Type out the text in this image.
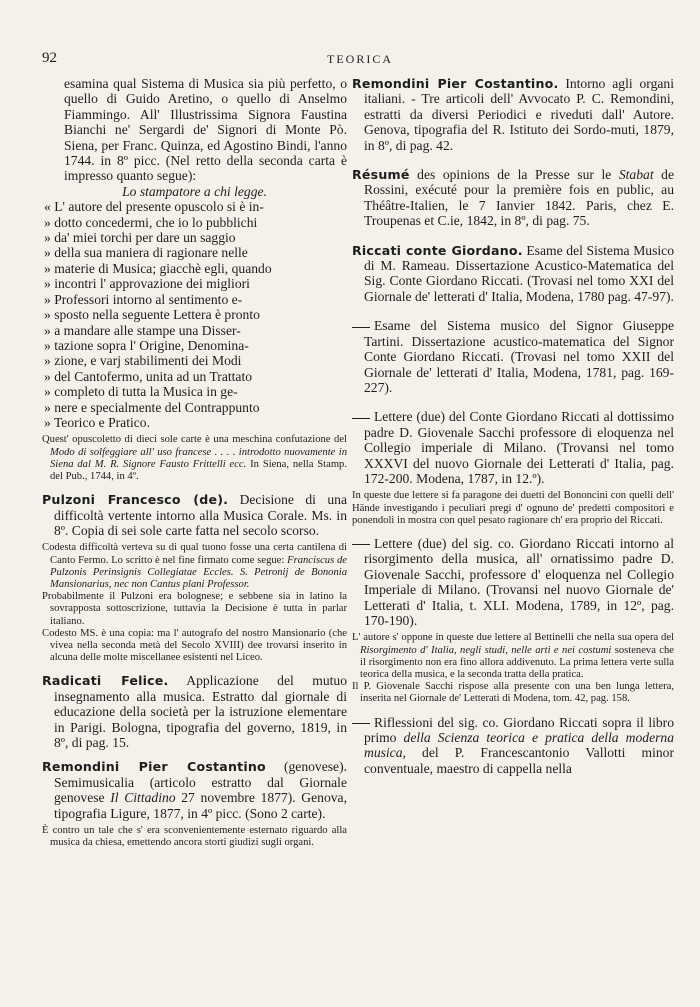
92	TEORICA

esamina qual Sistema di Musica sia più perfetto, o quello di Guido Aretino, o quello di Anselmo Fiammingo. All' Illustrissima Signora Faustina Bianchi ne' Sergardi de' Signori di Monte Pò. Siena, per Franc. Quinza, ed Agostino Bindi, l'anno 1744. in 8º picc. (Nel retto della seconda carta è impresso quanto segue):

Lo stampatore a chi legge.

« L' autore del presente opuscolo si è in-
» dotto concedermi, che io lo pubblichi
» da' miei torchi per dare un saggio
» della sua maniera di ragionare nelle
» materie di Musica; giacchè egli, quando
» incontri l' approvazione dei migliori
» Professori intorno al sentimento e-
» sposto nella seguente Lettera è pronto
» a mandare alle stampe una Disser-
» tazione sopra l' Origine, Denomina-
» zione, e varj stabilimenti dei Modi
» del Cantofermo, unita ad un Trattato
» completo di tutta la Musica in ge-
» nere e specialmente del Contrappunto
» Teorico e Pratico.

Quest' opuscoletto di dieci sole carte è una meschina confutazione del Modo di solfeggiare all' uso francese . . . . introdotto nuovamente in Siena dal M. R. Signore Fausto Frittelli ecc. In Siena, nella Stamp. del Pub., 1744, in 4º.

Pulzoni Francesco (de). Decisione di una difficoltà vertente intorno alla Musica Corale. Ms. in 8º. Copia di sei sole carte fatta nel secolo scorso.

Codesta difficoltà verteva su di qual tuono fosse una certa cantilena di Canto Fermo. Lo scritto è nel fine firmato come segue: Franciscus de Pulzonis Perinsignis Collegiatae Eccles. S. Petronij de Bononia Mansionarius, nec non Cantus plani Professor.

Probabilmente il Pulzoni era bolognese; e sebbene sia in latino la sovrapposta sottoscrizione, tuttavia la Decisione è tutta in parlar italiano.

Codesto MS. è una copia: ma l' autografo del nostro Mansionario (che vivea nella seconda metà del Secolo XVIII) dee trovarsi inserito in alcuna delle molte miscellanee esistenti nel Liceo.

Radicati Felice. Applicazione del mutuo insegnamento alla musica. Estratto dal giornale di educazione della società per la istruzione elementare in Parigi. Bologna, tipografia del governo, 1819, in 8º, di pag. 15.

Remondini Pier Costantino (genovese). Semimusicalia (articolo estratto dal Giornale genovese Il Cittadino 27 novembre 1877). Genova, tipografia Ligure, 1877, in 4º picc. (Sono 2 carte).

È contro un tale che s' era sconvenientemente esternato riguardo alla musica da chiesa, emettendo ancora storti giudizi sugli organi.

Remondini Pier Costantino. Intorno agli organi italiani. - Tre articoli dell' Avvocato P. C. Remondini, estratti da diversi Periodici e riveduti dall' Autore. Genova, tipografia del R. Istituto dei Sordo-muti, 1879, in 8º, di pag. 42.

Résumé des opinions de la Presse sur le Stabat de Rossini, exécuté pour la première fois en public, au Théâtre-Italien, le 7 Ianvier 1842. Paris, chez E. Troupenas et C.ie, 1842, in 8º, di pag. 75.

Riccati conte Giordano. Esame del Sistema Musico di M. Rameau. Dissertazione Acustico-Matematica del Sig. Conte Giordano Riccati. (Trovasi nel tomo XXI del Giornale de' letterati d' Italia, Modena, 1780 pag. 47-97).

Esame del Sistema musico del Signor Giuseppe Tartini. Dissertazione acustico-matematica del Signor Conte Giordano Riccati. (Trovasi nel tomo XXII del Giornale de' letterati d' Italia, Modena, 1781, pag. 169-227).

Lettere (due) del Conte Giordano Riccati al dottissimo padre D. Giovenale Sacchi professore di eloquenza nel Collegio imperiale di Milano. (Trovansi nel tomo XXXVI del nuovo Giornale dei Letterati d' Italia, pag. 172-200. Modena, 1787, in 12.º).

In queste due lettere si fa paragone dei duetti del Bononcini con quelli dell' Hände investigando i peculiari pregi d' ognuno de' predetti compositori e ponendoli in mostra con quel pesato ragionare ch' era proprio del Riccati.

Lettere (due) del sig. co. Giordano Riccati intorno al risorgimento della musica, all' ornatissimo padre D. Giovenale Sacchi, professore d' eloquenza nel Collegio Imperiale di Milano. (Trovansi nel nuovo Giornale de' Letterati d' Italia, t. XLI. Modena, 1789, in 12º, pag. 170-190).

L' autore s' oppone in queste due lettere al Bettinelli che nella sua opera del Risorgimento d' Italia, negli studi, nelle arti e nei costumi sosteneva che il risorgimento non era fino allora addivenuto. La prima lettera verte sulla teorica della musica, e la seconda tratta della pratica.

Il P. Giovenale Sacchi rispose alla presente con una ben lunga lettera, inserita nel Giornale de' Letterati di Modena, tom. 42, pag. 158.

Riflessioni del sig. co. Giordano Riccati sopra il libro primo della Scienza teorica e pratica della moderna musica, del P. Francescantonio Vallotti minor conventuale, maestro di cappella nella
